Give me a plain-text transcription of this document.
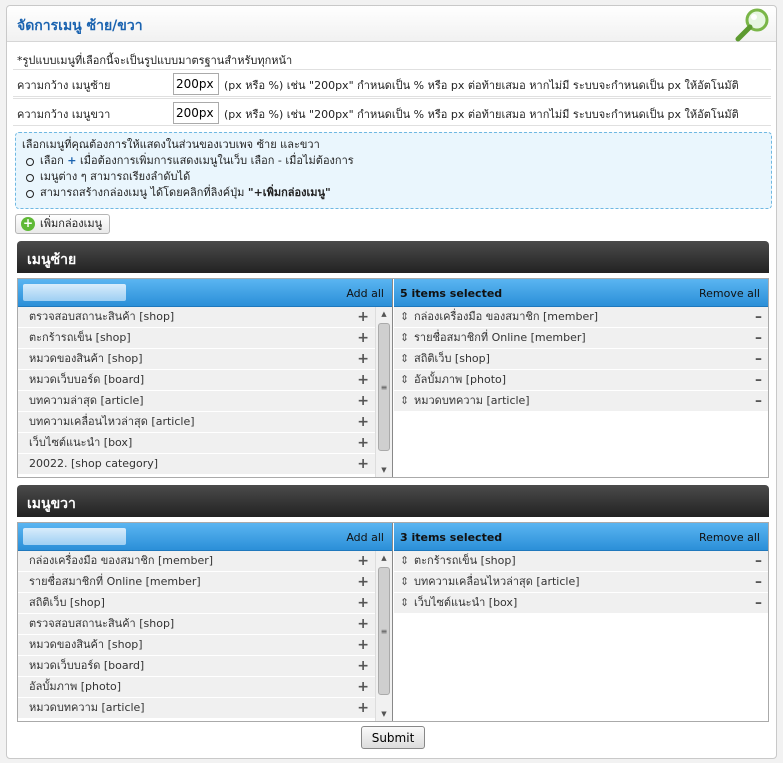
จัดการเมนู ซ้าย/ขวา
*รูปแบบเมนูที่เลือกนี้จะเป็นรูปแบบมาตรฐานสำหรับทุกหน้า
ความกว้าง เมนูซ้าย
200px	(px หรือ %) เช่น "200px" กำหนดเป็น % หรือ px ต่อท้ายเสมอ หากไม่มี ระบบจะกำหนดเป็น px ให้อัตโนมัติ
ความกว้าง เมนูขวา
200px	(px หรือ %) เช่น "200px" กำหนดเป็น % หรือ px ต่อท้ายเสมอ หากไม่มี ระบบจะกำหนดเป็น px ให้อัตโนมัติ
เลือกเมนูที่คุณต้องการให้แสดงในส่วนของเวบเพจ ซ้าย และขวา
เลือก + เมื่อต้องการเพิ่มการแสดงเมนูในเว็บ เลือก - เมื่อไม่ต้องการ
เมนูต่าง ๆ สามารถเรียงลำดับได้
สามารถสร้างกล่องเมนู ได้โดยคลิกที่ลิงค์ปุ่ม "+เพิ่มกล่องเมนู"
+ เพิ่มกล่องเมนู
เมนูซ้าย
Add all
ตรวจสอบสถานะสินค้า [shop]	+
ตะกร้ารถเข็น [shop]	+
หมวดของสินค้า [shop]	+
หมวดเว็บบอร์ด [board]	+
บทความล่าสุด [article]	+
บทความเคลื่อนไหวล่าสุด [article]	+
เว็บไซต์แนะนำ [box]	+
20022. [shop category]	+
▲
≡
▼
5 items selected	Remove all
⇕ กล่องเครื่องมือ ของสมาชิก [member]	–
⇕ รายชื่อสมาชิกที่ Online [member]	–
⇕ สถิติเว็บ [shop]	–
⇕ อัลบั้มภาพ [photo]	–
⇕ หมวดบทความ [article]	–
เมนูขวา
Add all
กล่องเครื่องมือ ของสมาชิก [member]	+
รายชื่อสมาชิกที่ Online [member]	+
สถิติเว็บ [shop]	+
ตรวจสอบสถานะสินค้า [shop]	+
หมวดของสินค้า [shop]	+
หมวดเว็บบอร์ด [board]	+
อัลบั้มภาพ [photo]	+
หมวดบทความ [article]	+
▲
≡
▼
3 items selected	Remove all
⇕ ตะกร้ารถเข็น [shop]	–
⇕ บทความเคลื่อนไหวล่าสุด [article]	–
⇕ เว็บไซต์แนะนำ [box]	–
Submit
